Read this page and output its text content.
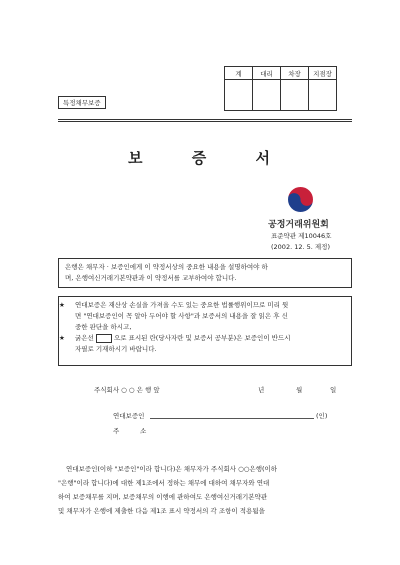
계	대리	차장	지점장

특정채무보증
보 증 서
공정거래위원회
표준약관 제10046호
(2002. 12. 5. 제정)
은행은 채무자 · 보증인에게 이 약정서상의 중요한 내용을 설명하여야 하
며, 은행여신거래기본약관과 이 약정서를 교부하여야 합니다.
★	연대보증은 재산상 손실을 가져올 수도 있는 중요한 법률행위이므로 미리 뒷
면 "연대보증인이 꼭 알아 두어야 할 사항"과 보증서의 내용을 잘 읽은 후 신
중한 판단을 하시고,
★	굵은선	으로 표시된 란(당사자란 및 보증서 공부분)은 보증인이 반드시
자필로 기재하시기 바랍니다.
주식회사 ○ ○ 은 행 앞	년	월	일
연대보증인	(인)
주          소
연대보증인(이하 "보증인"이라 합니다)은 채무자가 주식회사 ○○은행(이하
"은행"이라 합니다)에 대한 제1조에서 정하는 채무에 대하여 채무자와 연대
하여 보증채무를 지며, 보증채무의 이행에 관하여도 은행여신거래기본약관
및 채무자가 은행에 제출한 다음 제1조 표시 약정서의 각 조항이 적용됨을
